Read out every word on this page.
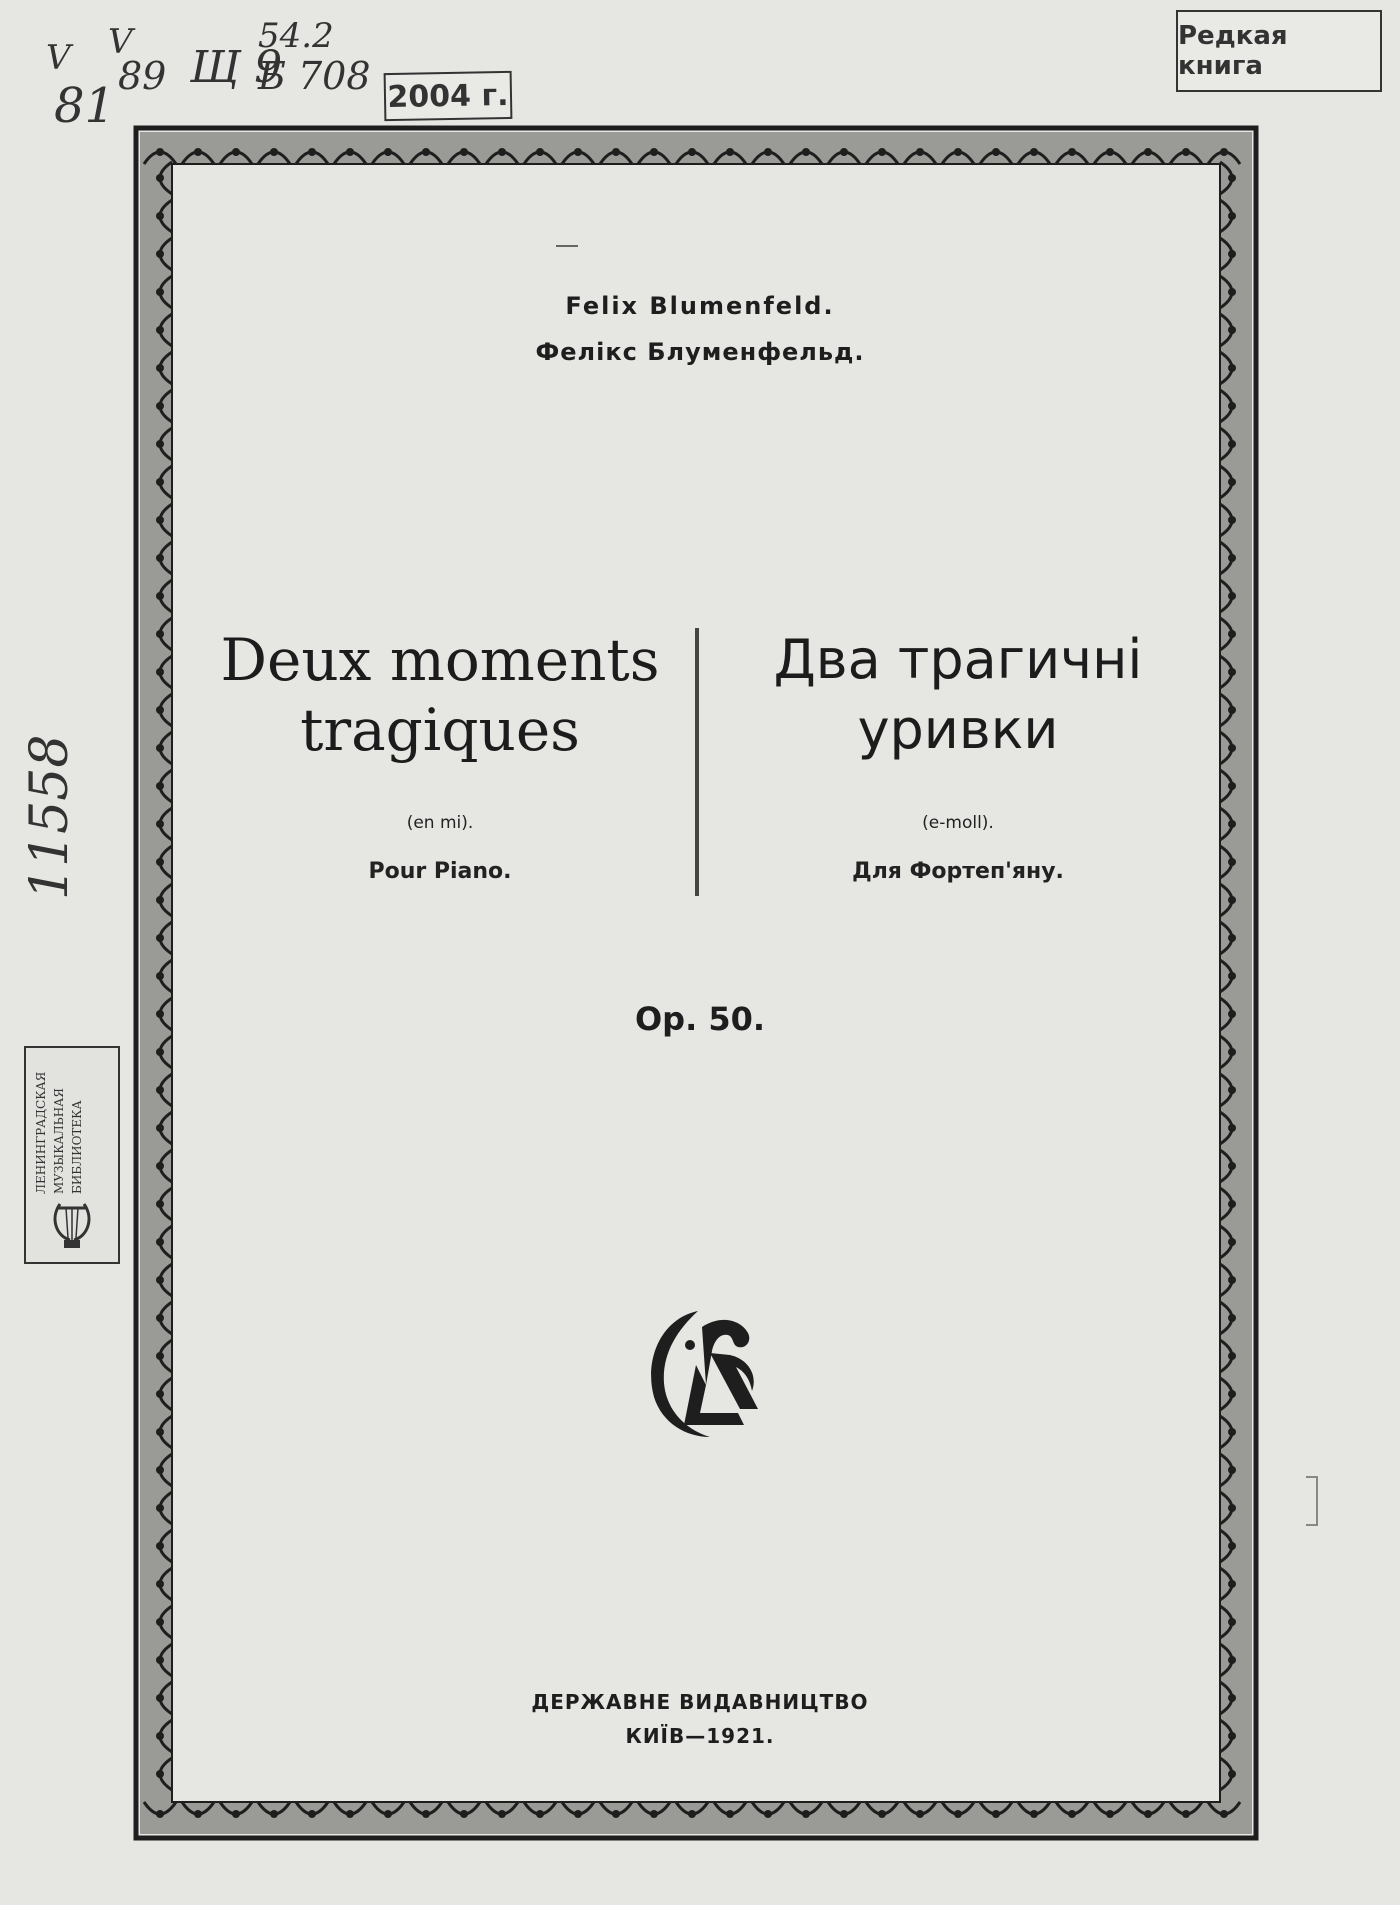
V
81
V
89 Щ 9
54.2
Б 708
11558
2004 г.
Редкая книга
ЛЕНИНГРАДСКАЯ МУЗЫКАЛЬНАЯ БИБЛИОТЕКА
Felix Blumenfeld.
Фелікс Блуменфельд.
Deux moments
tragiques
(en mi).
Pour Piano.
Два трагичні
уривки
(e-moll).
Для Фортеп'яну.
Op. 50.
ДЕРЖАВНЕ ВИДАВНИЦТВО
КИЇВ—1921.
